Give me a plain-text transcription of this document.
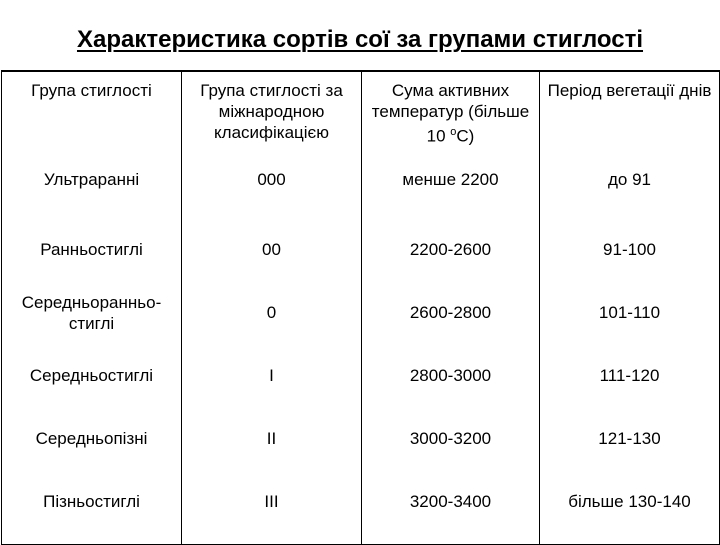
Характеристика сортів сої за групами стиглості
Група стиглості	Група стиглості за міжнародною класифікацією	Сума активних температур (більше 10 $^о$С)	Період вегетації днів
Ультраранні	000	менше 2200	до 91
Ранньостиглі	00	2200-2600	91-100
Середньоранньо-стиглі	0	2600-2800	101-110
Середньостиглі	I	2800-3000	111-120
Середньопізні	II	3000-3200	121-130
Пізньостиглі	III	3200-3400	більше 130-140
